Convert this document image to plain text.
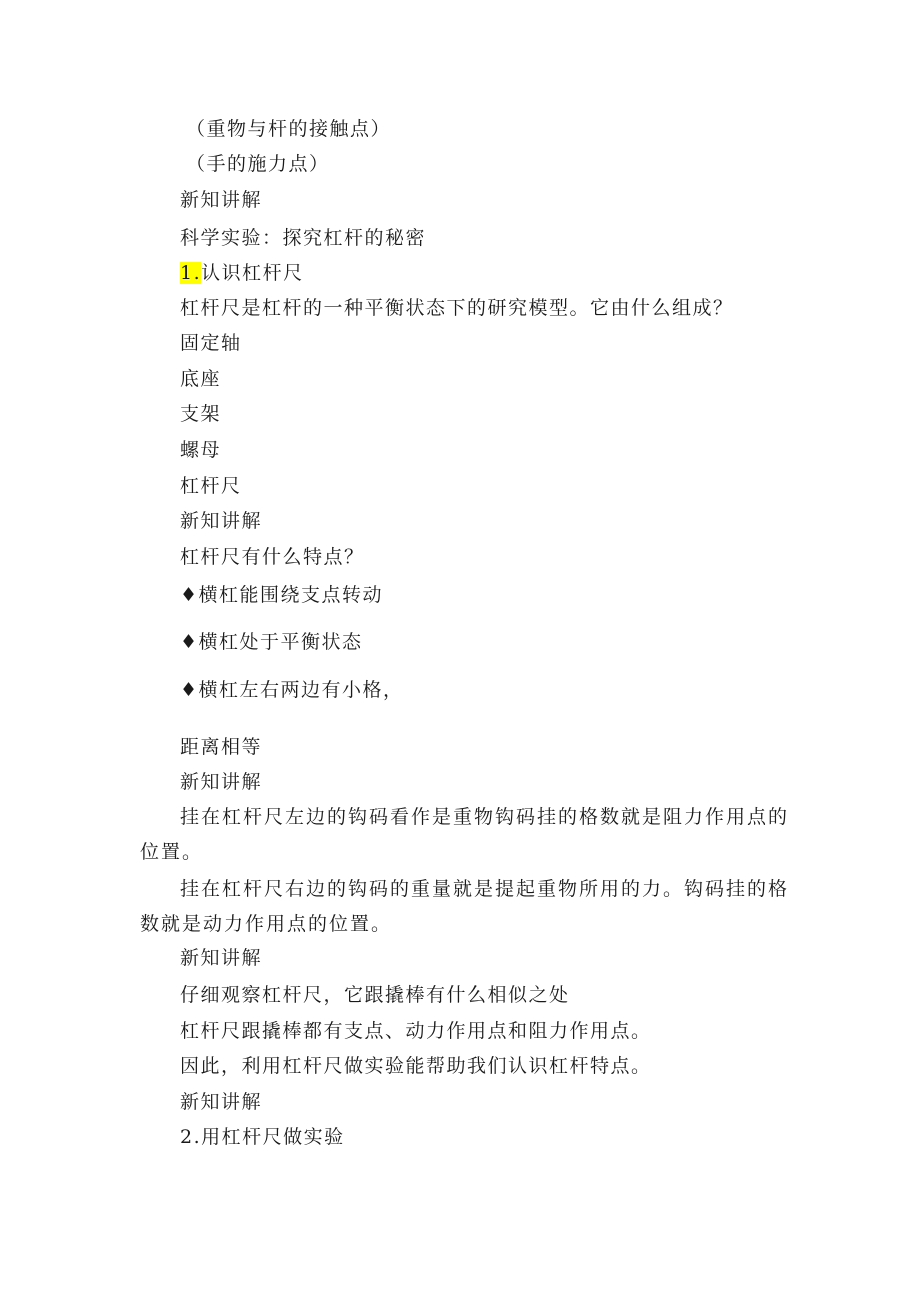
（重物与杆的接触点）
（手的施力点）
新知讲解
科学实验：探究杠杆的秘密
1.认识杠杆尺
杠杆尺是杠杆的一种平衡状态下的研究模型。它由什么组成？
固定轴
底座
支架
螺母
杠杆尺
新知讲解
杠杆尺有什么特点？
♦横杠能围绕支点转动
♦横杠处于平衡状态
♦横杠左右两边有小格，
距离相等
新知讲解
挂在杠杆尺左边的钩码看作是重物钩码挂的格数就是阻力作用点的位置。
挂在杠杆尺右边的钩码的重量就是提起重物所用的力。钩码挂的格数就是动力作用点的位置。
新知讲解
仔细观察杠杆尺，它跟撬棒有什么相似之处
杠杆尺跟撬棒都有支点、动力作用点和阻力作用点。
因此，利用杠杆尺做实验能帮助我们认识杠杆特点。
新知讲解
2.用杠杆尺做实验
